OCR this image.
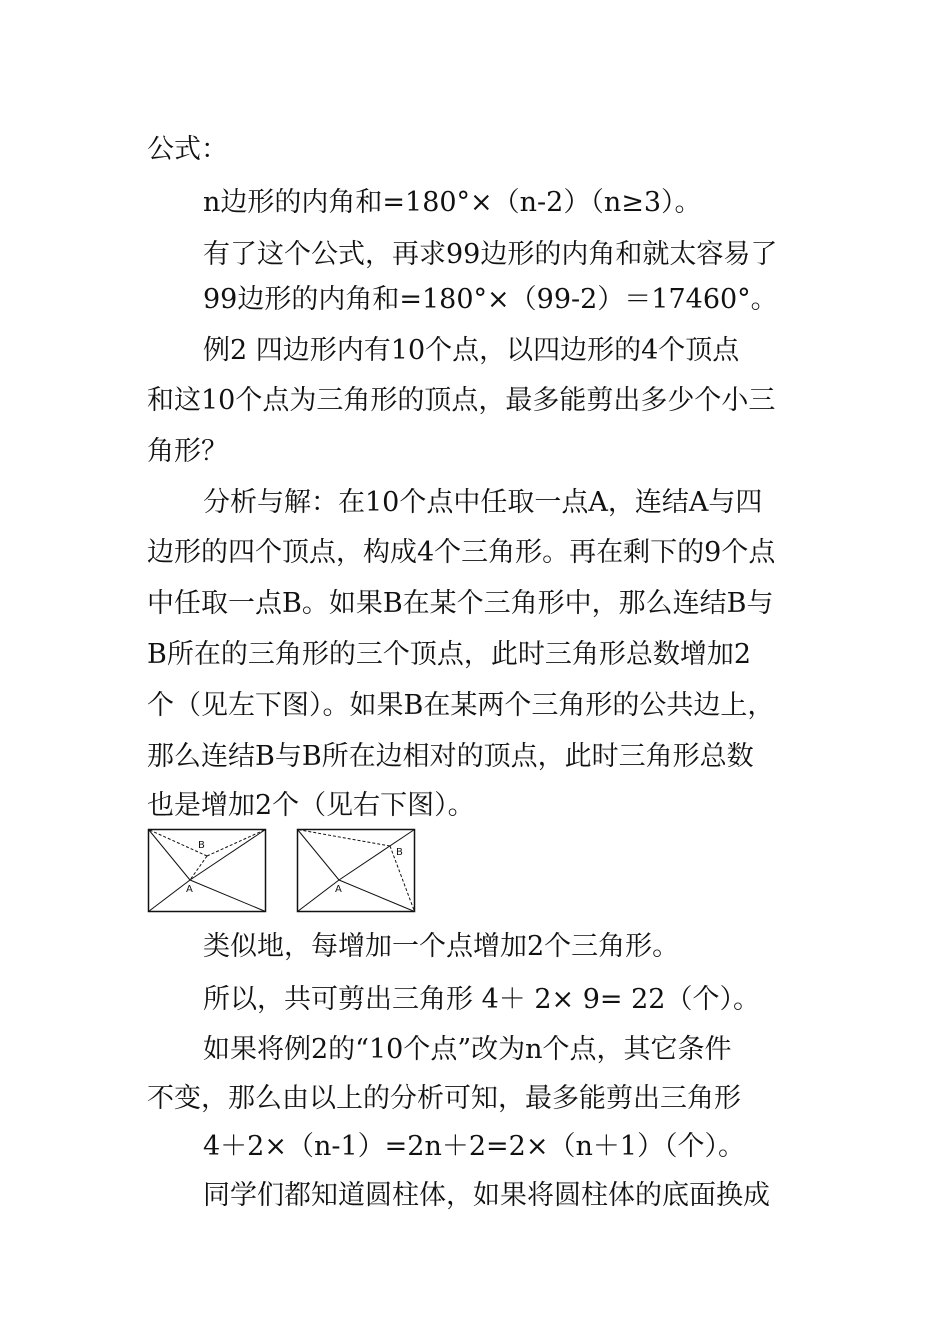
公式：
n边形的内角和=180°×（n-2）（n≥3）。
有了这个公式，再求99边形的内角和就太容易了
99边形的内角和=180°×（99-2）＝17460°。
例2 四边形内有10个点，以四边形的4个顶点
和这10个点为三角形的顶点，最多能剪出多少个小三
角形？
分析与解：在10个点中任取一点A，连结A与四
边形的四个顶点，构成4个三角形。再在剩下的9个点
中任取一点B。如果B在某个三角形中，那么连结B与
B所在的三角形的三个顶点，此时三角形总数增加2
个（见左下图）。如果B在某两个三角形的公共边上，
那么连结B与B所在边相对的顶点，此时三角形总数
也是增加2个（见右下图）。
B
A
B
A
类似地，每增加一个点增加2个三角形。
所以，共可剪出三角形 4＋ 2× 9= 22（个）。
如果将例2的“10个点”改为n个点，其它条件
不变，那么由以上的分析可知，最多能剪出三角形
4＋2×（n-1）=2n＋2=2×（n＋1）（个）。
同学们都知道圆柱体，如果将圆柱体的底面换成
